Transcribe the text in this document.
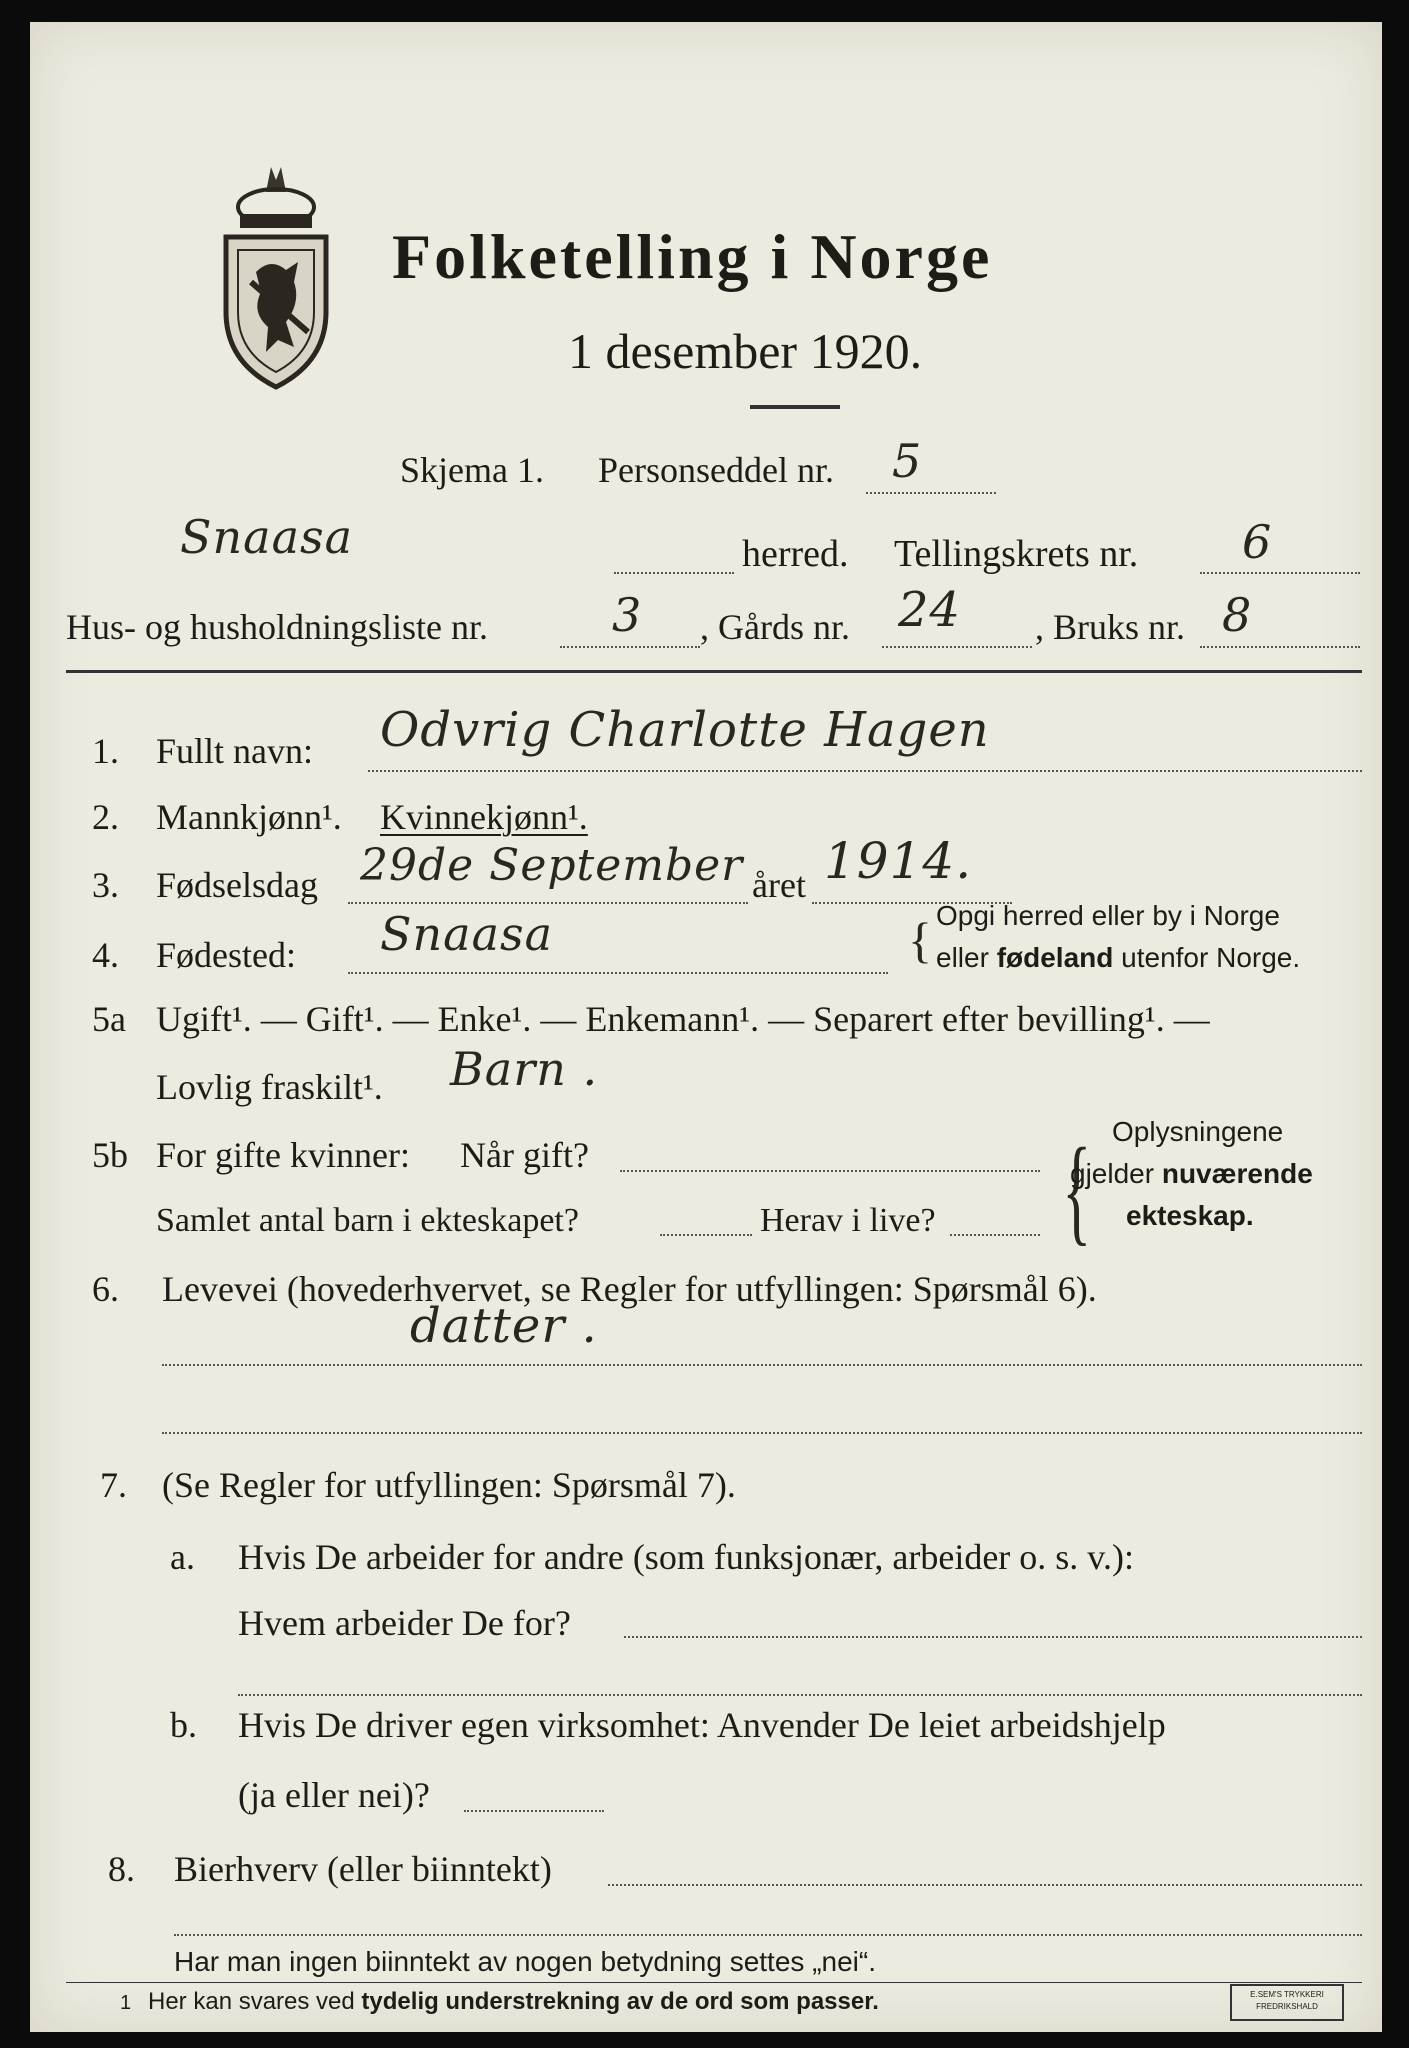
Folketelling i Norge
1 desember 1920.
Skjema 1. Personseddel nr. 5
Snaasa	herred. Tellingskrets nr. 6
Hus- og husholdningsliste nr.	3 , Gårds nr. 24 , Bruks nr. 8
1. Fullt navn: Odvrig Charlotte Hagen
2. Mannkjønn¹. Kvinnekjønn¹.
3. Fødselsdag 29de September året 1914.
4. Fødested: Snaasa	{ Opgi herred eller by i Norge
eller fødeland utenfor Norge.
5a Ugift¹. — Gift¹. — Enke¹. — Enkemann¹. — Separert efter bevilling¹. —
Lovlig fraskilt¹. Barn .
5b For gifte kvinner: Når gift?
Samlet antal barn i ekteskapet?	Herav i live? { Oplysningene
gjelder nuværende
ekteskap.
6. Levevei (hovederhvervet, se Regler for utfyllingen: Spørsmål 6).
datter .
7. (Se Regler for utfyllingen: Spørsmål 7).
a. Hvis De arbeider for andre (som funksjonær, arbeider o. s. v.):
Hvem arbeider De for?
b. Hvis De driver egen virksomhet: Anvender De leiet arbeidshjelp
(ja eller nei)?
8. Bierhverv (eller biinntekt)
Har man ingen biinntekt av nogen betydning settes „nei“.
1 Her kan svares ved tydelig understrekning av de ord som passer.	E.SEM'S TRYKKERI
FREDRIKSHALD
